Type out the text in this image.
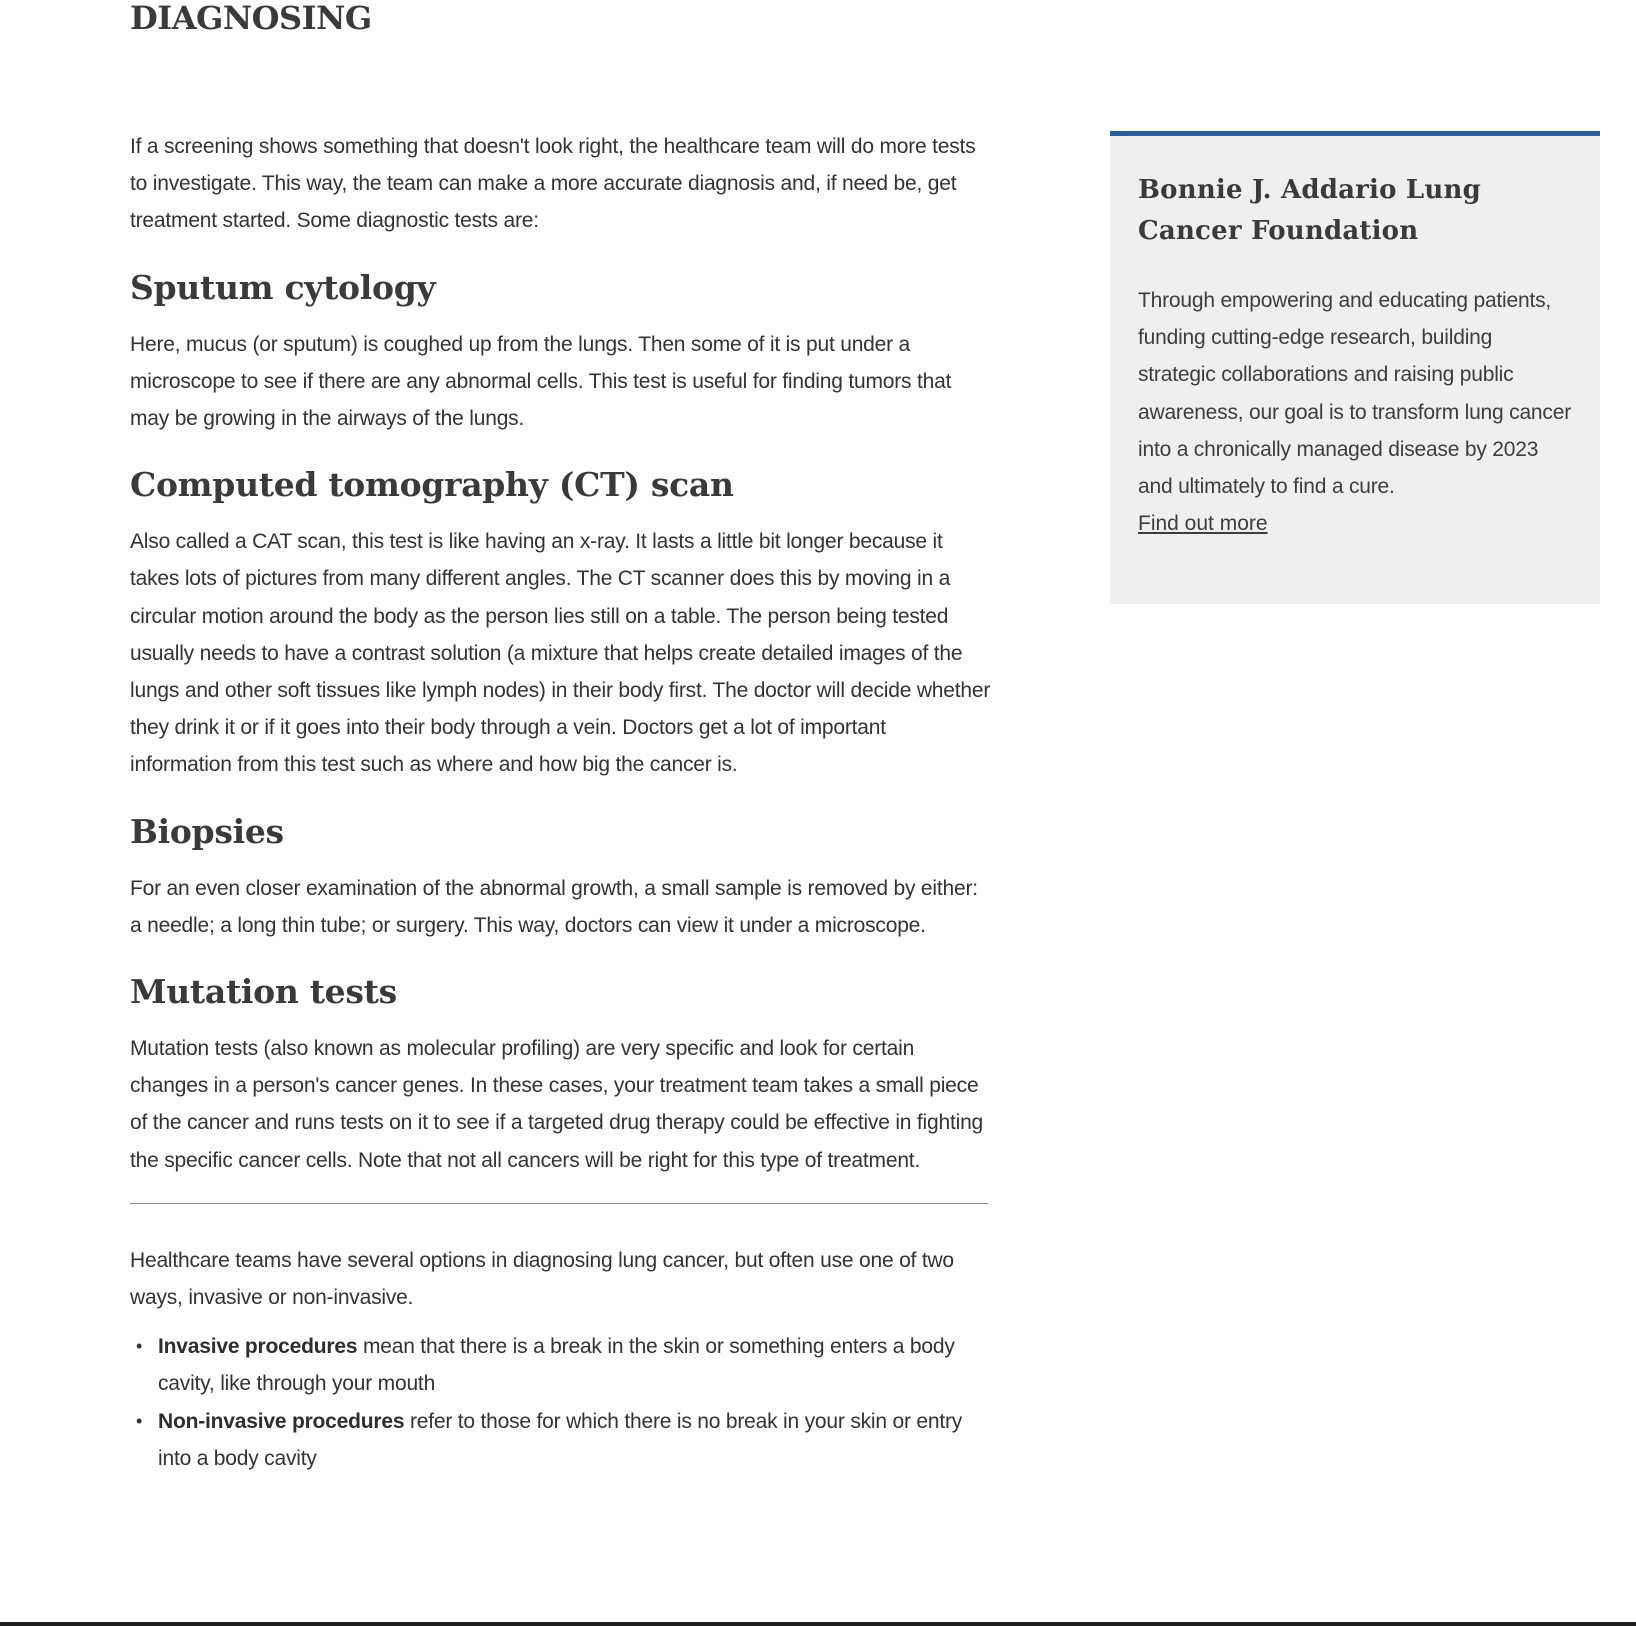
DIAGNOSING

If a screening shows something that doesn't look right, the healthcare team will do more tests to investigate. This way, the team can make a more accurate diagnosis and, if need be, get treatment started. Some diagnostic tests are:

Sputum cytology

Here, mucus (or sputum) is coughed up from the lungs. Then some of it is put under a microscope to see if there are any abnormal cells. This test is useful for finding tumors that may be growing in the airways of the lungs.

Computed tomography (CT) scan

Also called a CAT scan, this test is like having an x-ray. It lasts a little bit longer because it takes lots of pictures from many different angles. The CT scanner does this by moving in a circular motion around the body as the person lies still on a table. The person being tested usually needs to have a contrast solution (a mixture that helps create detailed images of the lungs and other soft tissues like lymph nodes) in their body first. The doctor will decide whether they drink it or if it goes into their body through a vein. Doctors get a lot of important information from this test such as where and how big the cancer is.

Biopsies

For an even closer examination of the abnormal growth, a small sample is removed by either: a needle; a long thin tube; or surgery. This way, doctors can view it under a microscope.

Mutation tests

Mutation tests (also known as molecular profiling) are very specific and look for certain changes in a person's cancer genes. In these cases, your treatment team takes a small piece of the cancer and runs tests on it to see if a targeted drug therapy could be effective in fighting the specific cancer cells. Note that not all cancers will be right for this type of treatment.

Healthcare teams have several options in diagnosing lung cancer, but often use one of two ways, invasive or non-invasive.

• Invasive procedures mean that there is a break in the skin or something enters a body cavity, like through your mouth
• Non-invasive procedures refer to those for which there is no break in your skin or entry into a body cavity
Bonnie J. Addario Lung Cancer Foundation

Through empowering and educating patients, funding cutting-edge research, building strategic collaborations and raising public awareness, our goal is to transform lung cancer into a chronically managed disease by 2023 and ultimately to find a cure.

Find out more
